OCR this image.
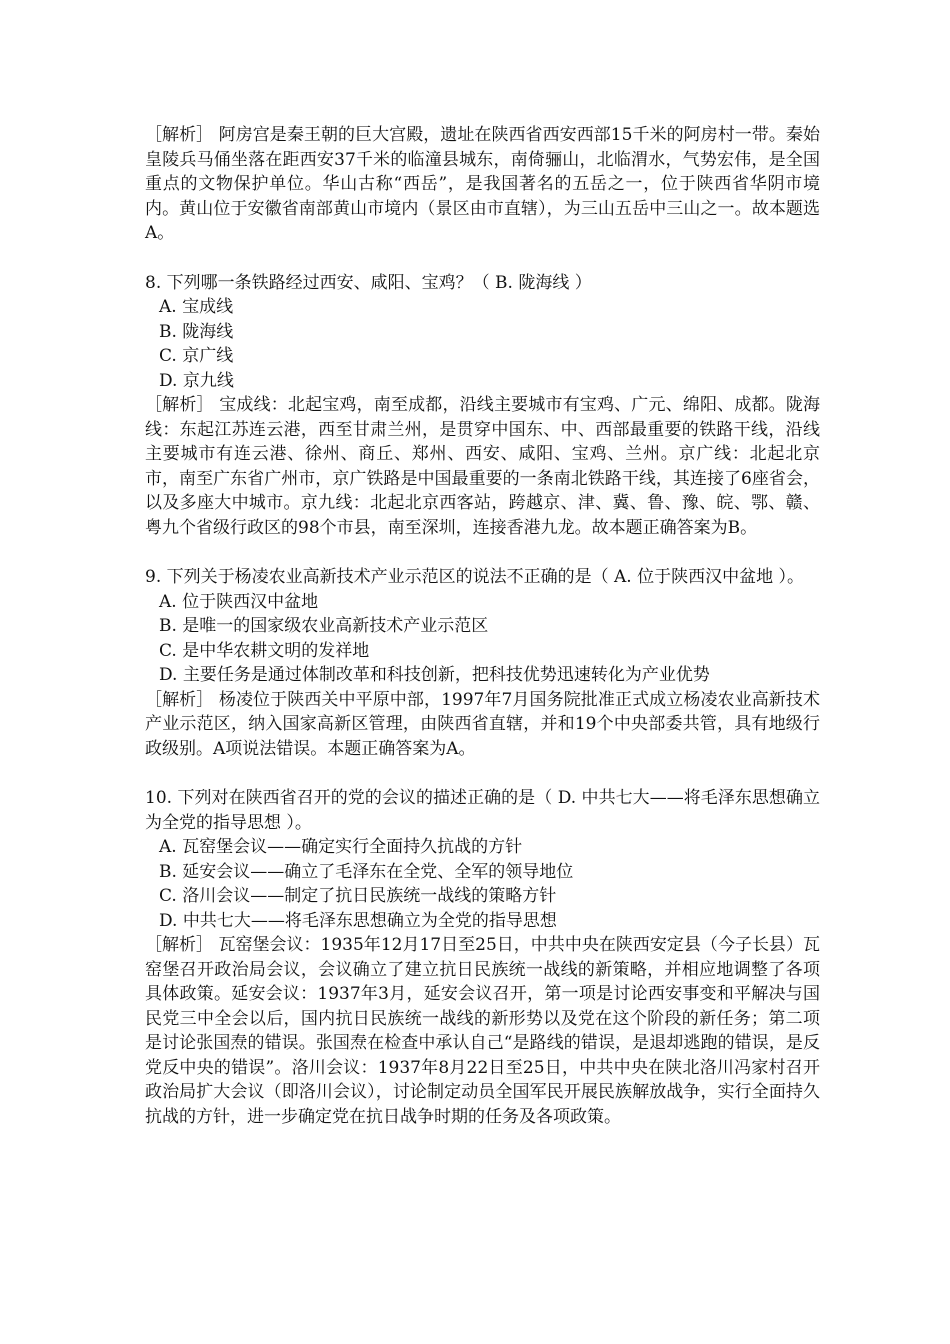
［解析］ 阿房宫是秦王朝的巨大宫殿，遗址在陕西省西安西部15千米的阿房村一带。秦始皇陵兵马俑坐落在距西安37千米的临潼县城东，南倚骊山，北临渭水，气势宏伟，是全国重点的文物保护单位。华山古称“西岳”，是我国著名的五岳之一，位于陕西省华阴市境内。黄山位于安徽省南部黄山市境内（景区由市直辖），为三山五岳中三山之一。故本题选A。

8. 下列哪一条铁路经过西安、咸阳、宝鸡？（ B. 陇海线 ）

A. 宝成线

B. 陇海线

C. 京广线

D. 京九线

［解析］ 宝成线：北起宝鸡，南至成都，沿线主要城市有宝鸡、广元、绵阳、成都。陇海线：东起江苏连云港，西至甘肃兰州，是贯穿中国东、中、西部最重要的铁路干线，沿线主要城市有连云港、徐州、商丘、郑州、西安、咸阳、宝鸡、兰州。京广线：北起北京市，南至广东省广州市，京广铁路是中国最重要的一条南北铁路干线，其连接了6座省会，以及多座大中城市。京九线：北起北京西客站，跨越京、津、冀、鲁、豫、皖、鄂、赣、粤九个省级行政区的98个市县，南至深圳，连接香港九龙。故本题正确答案为B。

9. 下列关于杨凌农业高新技术产业示范区的说法不正确的是（ A. 位于陕西汉中盆地 ）。

A. 位于陕西汉中盆地

B. 是唯一的国家级农业高新技术产业示范区

C. 是中华农耕文明的发祥地

D. 主要任务是通过体制改革和科技创新，把科技优势迅速转化为产业优势

［解析］ 杨凌位于陕西关中平原中部，1997年7月国务院批准正式成立杨凌农业高新技术产业示范区，纳入国家高新区管理，由陕西省直辖，并和19个中央部委共管，具有地级行政级别。A项说法错误。本题正确答案为A。

10. 下列对在陕西省召开的党的会议的描述正确的是（ D. 中共七大——将毛泽东思想确立为全党的指导思想 ）。

A. 瓦窑堡会议——确定实行全面持久抗战的方针

B. 延安会议——确立了毛泽东在全党、全军的领导地位

C. 洛川会议——制定了抗日民族统一战线的策略方针

D. 中共七大——将毛泽东思想确立为全党的指导思想

［解析］ 瓦窑堡会议：1935年12月17日至25日，中共中央在陕西安定县（今子长县）瓦窑堡召开政治局会议，会议确立了建立抗日民族统一战线的新策略，并相应地调整了各项具体政策。延安会议：1937年3月，延安会议召开，第一项是讨论西安事变和平解决与国民党三中全会以后，国内抗日民族统一战线的新形势以及党在这个阶段的新任务；第二项是讨论张国焘的错误。张国焘在检查中承认自己“是路线的错误，是退却逃跑的错误，是反党反中央的错误”。洛川会议：1937年8月22日至25日，中共中央在陕北洛川冯家村召开政治局扩大会议（即洛川会议），讨论制定动员全国军民开展民族解放战争，实行全面持久抗战的方针，进一步确定党在抗日战争时期的任务及各项政策。
